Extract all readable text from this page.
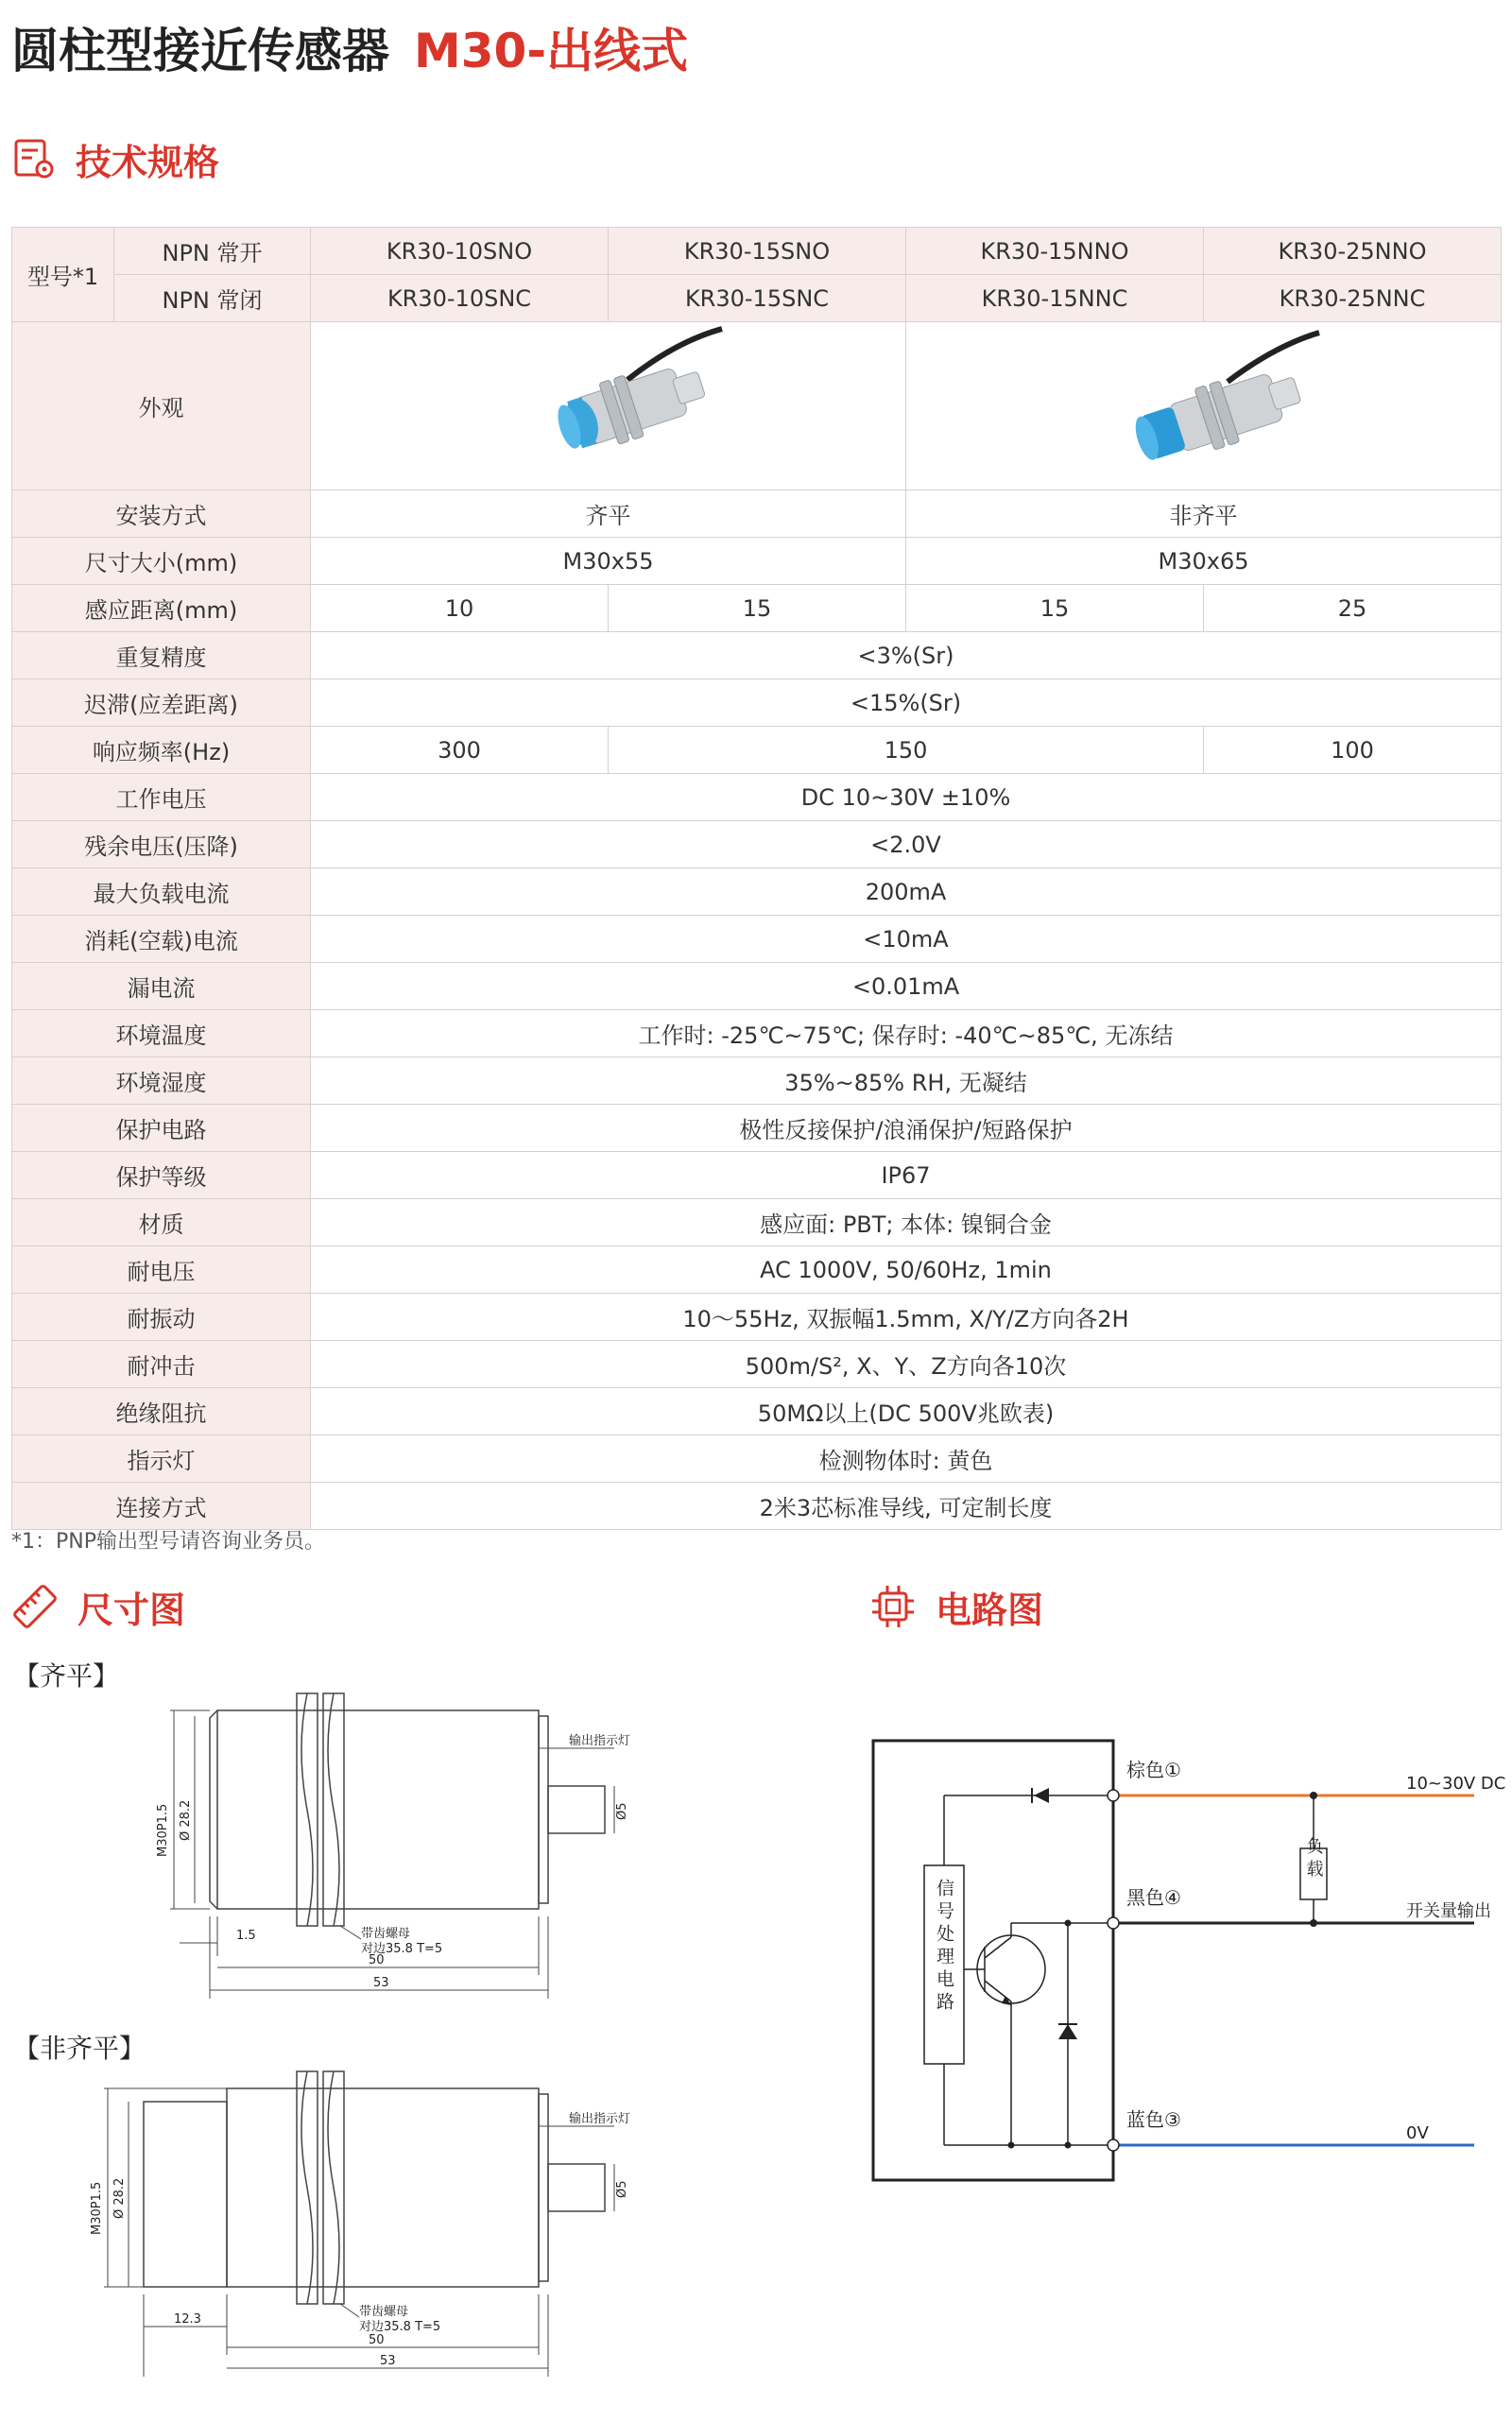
圆柱型接近传感器 M30-出线式
技术规格
型号*1	NPN 常开	KR30-10SNO	KR30-15SNO	KR30-15NNO	KR30-25NNO
	NPN 常闭	KR30-10SNC	KR30-15SNC	KR30-15NNC	KR30-25NNC
外观		
安装方式		齐平		非齐平	
尺寸大小(mm)		M30x55		M30x65	
感应距离(mm)		10	15	15	25
重复精度		<3%(Sr)			
迟滞(应差距离)		<15%(Sr)			
响应频率(Hz)		300	150		100
工作电压		DC 10~30V ±10%			
残余电压(压降)		<2.0V			
最大负载电流		200mA			
消耗(空载)电流		<10mA			
漏电流		<0.01mA			
环境温度		工作时: -25℃~75℃; 保存时: -40℃~85℃, 无冻结			
环境湿度		35%~85% RH, 无凝结			
保护电路		极性反接保护/浪涌保护/短路保护			
保护等级		IP67			
材质		感应面: PBT; 本体: 镍铜合金			
耐电压		AC 1000V, 50/60Hz, 1min			
耐振动		10～55Hz, 双振幅1.5mm, X/Y/Z方向各2H			
耐冲击		500m/S², X、Y、Z方向各10次			
绝缘阻抗		50MΩ以上(DC 500V兆欧表)			
指示灯		检测物体时: 黄色			
连接方式		2米3芯标准导线, 可定制长度			
*1：PNP输出型号请咨询业务员。
尺寸图	电路图
【齐平】
输出指示灯
M30P1.5 Ø 28.2	Ø5
带齿螺母
对边35.8 T=5
1.5
50
53
【非齐平】
输出指示灯
M30P1.5 Ø 28.2	Ø5
带齿螺母
对边35.8 T=5
12.3
50
53
棕色①
黑色④
蓝色③
10~30V DC
开关量输出
0V
负载
信号处理电路
